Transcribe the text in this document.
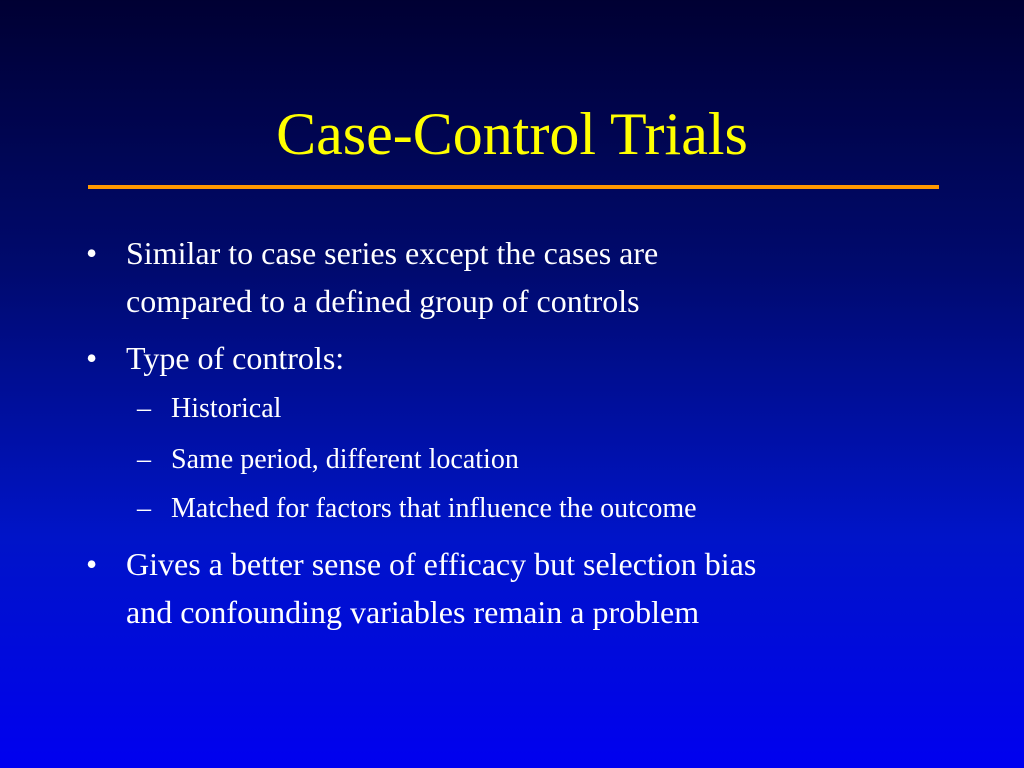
Case-Control Trials
• Similar to case series except the cases are
compared to a defined group of controls
• Type of controls:
– Historical
– Same period, different location
– Matched for factors that influence the outcome
• Gives a better sense of efficacy but selection bias
and confounding variables remain a problem
